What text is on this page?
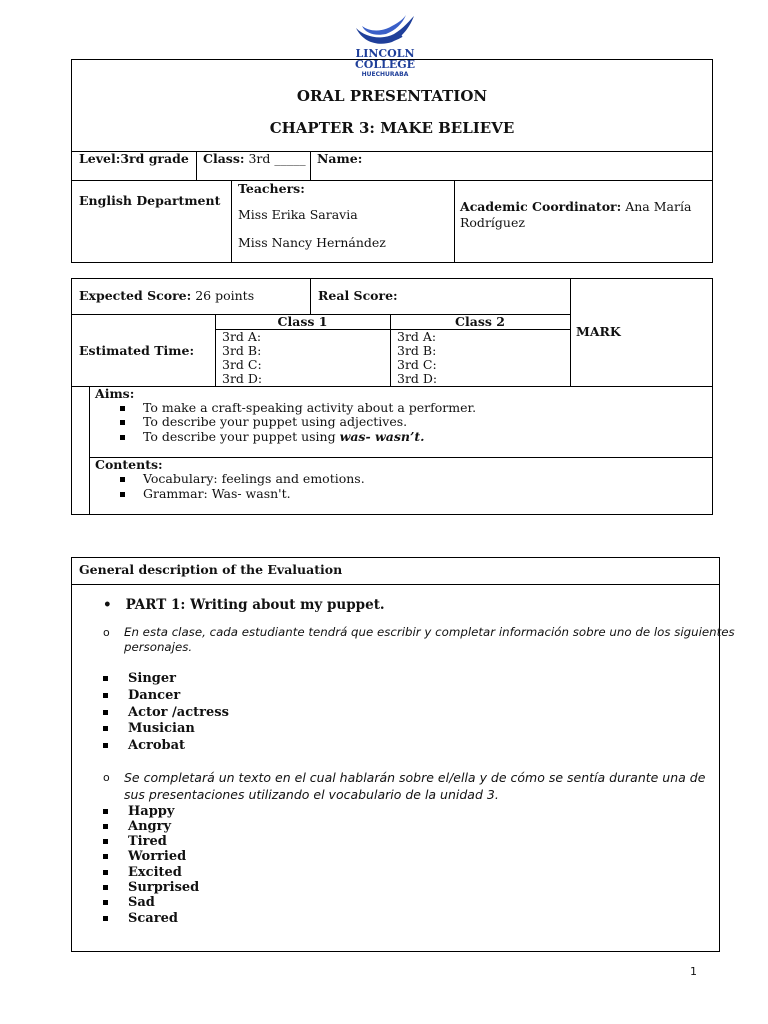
LINCOLN
COLLEGE
HUECHURABA
ORAL PRESENTATION
CHAPTER 3: MAKE BELIEVE
Level:3rd grade Class: 3rd _____ Name:
English Department
Teachers:
Miss Erika Saravia
Miss Nancy Hernández
Academic Coordinator: Ana María
Rodríguez
Expected Score: 26 points	Real Score:
MARK
Estimated Time:
Class 1	Class 2
3rd A:
3rd B:
3rd C:
3rd D:
3rd A:
3rd B:
3rd C:
3rd D:
Aims:
To make a craft-speaking activity about a performer.
To describe your puppet using adjectives.
To describe your puppet using was- wasn’t.
Contents:
Vocabulary: feelings and emotions.
Grammar: Was- wasn't.
General description of the Evaluation
• PART 1: Writing about my puppet.
o En esta clase, cada estudiante tendrá que escribir y completar información sobre uno de los siguientes
personajes.
Singer
Dancer
Actor /actress
Musician
Acrobat
o Se completará un texto en el cual hablarán sobre el/ella y de cómo se sentía durante una de
sus presentaciones utilizando el vocabulario de la unidad 3.
Happy
Angry
Tired
Worried
Excited
Surprised
Sad
Scared
1
